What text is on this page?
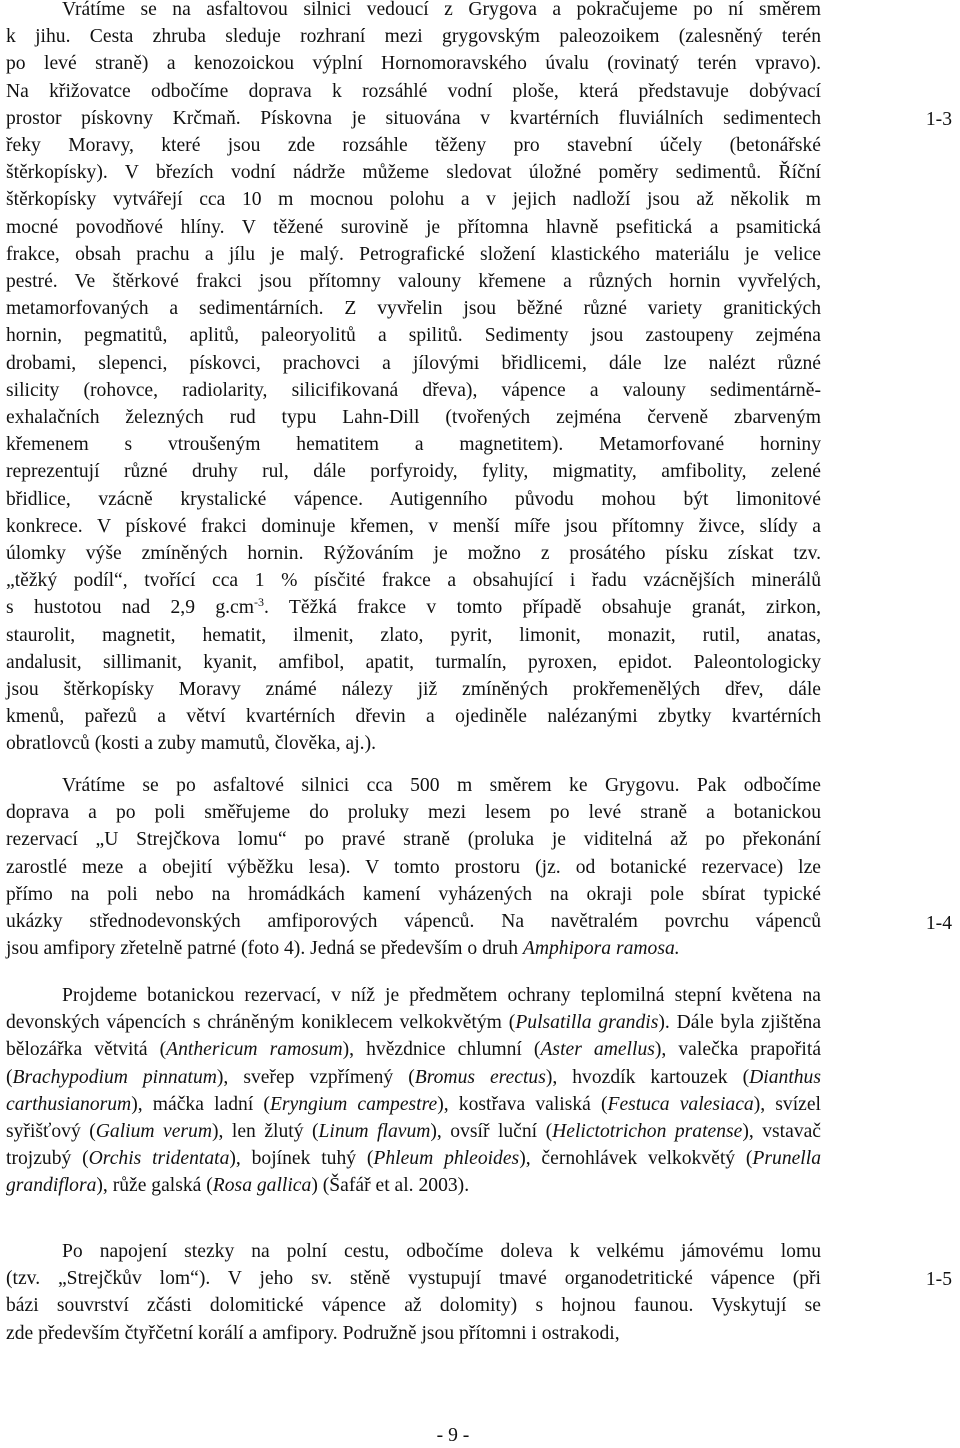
Vrátíme se na asfaltovou silnici vedoucí z Grygova a pokračujeme po ní směrem
k jihu. Cesta zhruba sleduje rozhraní mezi grygovským paleozoikem (zalesněný terén
po levé straně) a kenozoickou výplní Hornomoravského úvalu (rovinatý terén vpravo).
Na křižovatce odbočíme doprava k rozsáhlé vodní ploše, která představuje dobývací
prostor pískovny Krčmaň. Pískovna je situována v kvartérních fluviálních sedimentech
řeky Moravy, které jsou zde rozsáhle těženy pro stavební účely (betonářské
štěrkopísky). V březích vodní nádrže můžeme sledovat úložné poměry sedimentů. Říční
štěrkopísky vytvářejí cca 10 m mocnou polohu a v jejich nadloží jsou až několik m
mocné povodňové hlíny. V těžené surovině je přítomna hlavně psefitická a psamitická
frakce, obsah prachu a jílu je malý. Petrografické složení klastického materiálu je velice
pestré. Ve štěrkové frakci jsou přítomny valouny křemene a různých hornin vyvřelých,
metamorfovaných a sedimentárních. Z vyvřelin jsou běžné různé variety granitických
hornin, pegmatitů, aplitů, paleoryolitů a spilitů. Sedimenty jsou zastoupeny zejména
drobami, slepenci, pískovci, prachovci a jílovými břidlicemi, dále lze nalézt různé
silicity (rohovce, radiolarity, silicifikovaná dřeva), vápence a valouny sedimentárně-
exhalačních železných rud typu Lahn-Dill (tvořených zejména červeně zbarveným
křemenem s vtroušeným hematitem a magnetitem). Metamorfované horniny
reprezentují různé druhy rul, dále porfyroidy, fylity, migmatity, amfibolity, zelené
břidlice, vzácně krystalické vápence. Autigenního původu mohou být limonitové
konkrece. V pískové frakci dominuje křemen, v menší míře jsou přítomny živce, slídy a
úlomky výše zmíněných hornin. Rýžováním je možno z prosátého písku získat tzv.
„těžký podíl“, tvořící cca 1 % písčité frakce a obsahující i řadu vzácnějších minerálů
s hustotou nad 2,9 $g.cm^{-3}$. Těžká frakce v tomto případě obsahuje granát, zirkon,
staurolit, magnetit, hematit, ilmenit, zlato, pyrit, limonit, monazit, rutil, anatas,
andalusit, sillimanit, kyanit, amfibol, apatit, turmalín, pyroxen, epidot. Paleontologicky
jsou štěrkopísky Moravy známé nálezy již zmíněných prokřemenělých dřev, dále
kmenů, pařezů a větví kvartérních dřevin a ojediněle nalézanými zbytky kvartérních
obratlovců (kosti a zuby mamutů, člověka, aj.).
Vrátíme se po asfaltové silnici cca 500 m směrem ke Grygovu. Pak odbočíme
doprava a po poli směřujeme do proluky mezi lesem po levé straně a botanickou
rezervací „U Strejčkova lomu“ po pravé straně (proluka je viditelná až po překonání
zarostlé meze a obejití výběžku lesa). V tomto prostoru (jz. od botanické rezervace) lze
přímo na poli nebo na hromádkách kamení vyházených na okraji pole sbírat typické
ukázky střednodevonských amfiporových vápenců. Na navětralém povrchu vápenců
jsou amfipory zřetelně patrné (foto 4). Jedná se především o druh Amphipora ramosa.
Projdeme botanickou rezervací, v níž je předmětem ochrany teplomilná stepní květena na devonských vápencích s chráněným koniklecem velkokvětým (Pulsatilla grandis). Dále byla zjištěna bělozářka větvitá (Anthericum ramosum), hvězdnice chlumní (Aster amellus), valečka prapořitá (Brachypodium pinnatum), sveřep vzpřímený (Bromus erectus), hvozdík kartouzek (Dianthus carthusianorum), máčka ladní (Eryngium campestre), kostřava valiská (Festuca valesiaca), svízel syřišťový (Galium verum), len žlutý (Linum flavum), ovsíř luční (Helictotrichon pratense), vstavač trojzubý (Orchis tridentata), bojínek tuhý (Phleum phleoides), černohlávek velkokvětý (Prunella grandiflora), růže galská (Rosa gallica) (Šafář et al. 2003).
Po napojení stezky na polní cestu, odbočíme doleva k velkému jámovému lomu
(tzv. „Strejčkův lom“). V jeho sv. stěně vystupují tmavé organodetritické vápence (při
bázi souvrství zčásti dolomitické vápence až dolomity) s hojnou faunou. Vyskytují se
zde především čtyřčetní korálí a amfipory. Podružně jsou přítomni i ostrakodi,
1-3
1-4
1-5
- 9 -
